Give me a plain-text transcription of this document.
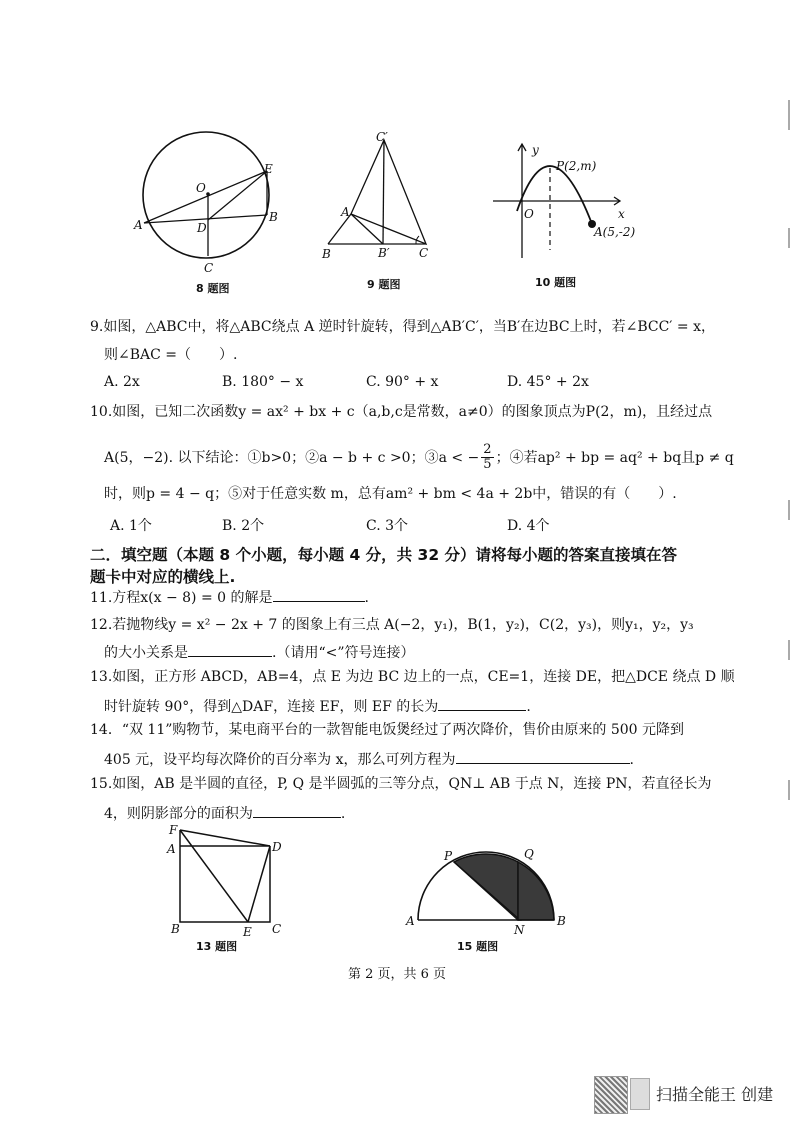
O
E
A	D
B
C
8 题图
C′
A
B	B′ C
9 题图
y
x
O
P(2,m)
A(5,-2)
10 题图
9.如图，△ABC中，将△ABC绕点 A 逆时针旋转，得到△AB′C′，当B′在边BC上时，若∠BCC′ = x，
则∠BAC =（　　）.
A. 2x	B. 180° − x	C. 90° + x	D. 45° + 2x
10.如图，已知二次函数y = ax² + bx + c（a,b,c是常数，a≠0）的图象顶点为P(2，m)，且经过点
A(5，−2). 以下结论：①b>0；②a − b + c >0；③a < − $\frac{2}{5}$ ；④若ap² + bp = aq² + bq且p ≠ q
时，则p = 4 − q；⑤对于任意实数 m，总有am² + bm < 4a + 2b中，错误的有（　　）.
A. 1个	B. 2个	C. 3个	D. 4个
二．填空题（本题 8 个小题，每小题 4 分，共 32 分）请将每小题的答案直接填在答
题卡中对应的横线上.
11.方程x(x − 8) = 0 的解是	.
12.若抛物线y = x² − 2x + 7 的图象上有三点 A(−2，y₁)，B(1，y₂)，C(2，y₃)，则y₁，y₂，y₃
的大小关系是	.（请用“<”符号连接）
13.如图，正方形 ABCD，AB=4，点 E 为边 BC 边上的一点，CE=1，连接 DE，把△DCE 绕点 D 顺
时针旋转 90°，得到△DAF，连接 EF，则 EF 的长为	.
14．“双 11”购物节，某电商平台的一款智能电饭煲经过了两次降价，售价由原来的 500 元降到
405 元，设平均每次降价的百分率为 x，那么可列方程为	.
15.如图，AB 是半圆的直径，P, Q 是半圆弧的三等分点，QN⊥ AB 于点 N，连接 PN，若直径长为
4，则阴影部分的面积为	.
F
A	D
B	E C
13 题图
P	Q
A
N
B
15 题图
第 2 页，共 6 页
扫描全能王 创建
